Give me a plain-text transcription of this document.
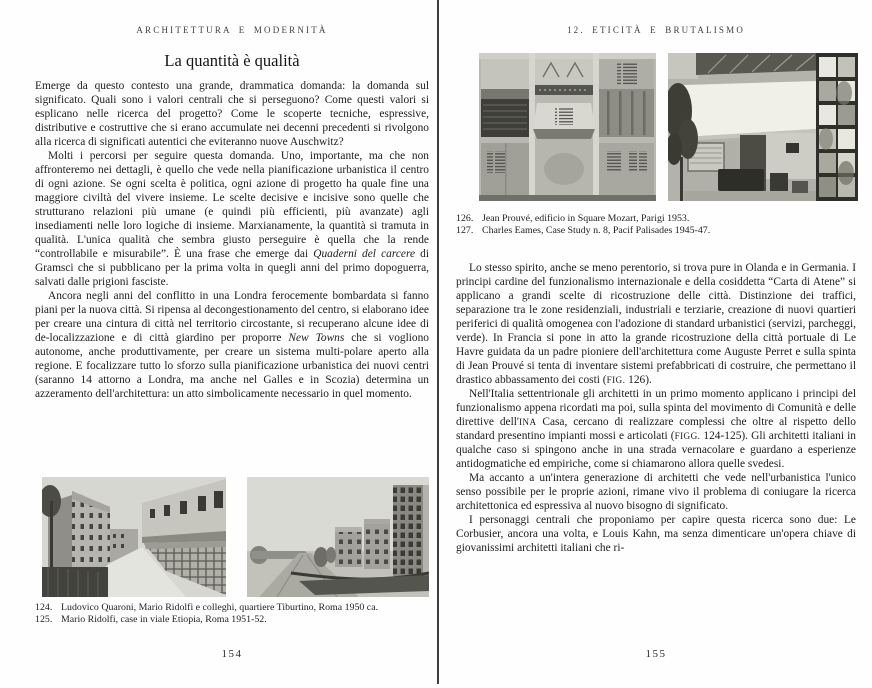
ARCHITETTURA E MODERNITÀ
La quantità è qualità

Emerge da questo contesto una grande, drammatica domanda: la domanda sul significato. Quali sono i valori centrali che si perseguono? Come questi valori si esplicano nelle ricerca del progetto? Come le scoperte tecniche, espressive, distributive e costruttive che si erano accumulate nei decenni precedenti si rivolgono alla ricerca di significati autentici che eviteranno nuove Auschwitz?

Molti i percorsi per seguire questa domanda. Uno, importante, ma che non affronteremo nei dettagli, è quello che vede nella pianificazione urbanistica il centro di ogni azione. Se ogni scelta è politica, ogni azione di progetto ha quale fine una maggiore civiltà del vivere insieme. Le scelte decisive e incisive sono quelle che strutturano relazioni più umane (e quindi più efficienti, più avanzate) agli insediamenti nelle loro logiche di insieme. Marxianamente, la quantità si tramuta in qualità. L'unica qualità che sembra giusto perseguire è quella che la rende “controllabile e misurabile”. È una frase che emerge dai Quaderni del carcere di Gramsci che si pubblicano per la prima volta in quegli anni del primo dopoguerra, salvati dalle prigioni fasciste.

Ancora negli anni del conflitto in una Londra ferocemente bombardata si fanno piani per la nuova città. Si ripensa al decongestionamento del centro, si elaborano idee per creare una cintura di città nel territorio circostante, si recuperano alcune idee di de-localizzazione e di città giardino per proporre New Towns che si vogliono autonome, anche produttivamente, per creare un sistema multi-polare aperto alla regione. E focalizzare tutto lo sforzo sulla pianificazione urbanistica dei nuovi centri (saranno 14 attorno a Londra, ma anche nel Galles e in Scozia) determina un azzeramento dell'architettura: un atto simbolicamente necessario in quel momento.

124. Ludovico Quaroni, Mario Ridolfi e colleghi, quartiere Tiburtino, Roma 1950 ca.
125. Mario Ridolfi, case in viale Etiopia, Roma 1951-52.
154
12. ETICITÀ E BRUTALISMO
126. Jean Prouvé, edificio in Square Mozart, Parigi 1953.
127. Charles Eames, Case Study n. 8, Pacif Palisades 1945-47.

Lo stesso spirito, anche se meno perentorio, si trova pure in Olanda e in Germania. I principi cardine del funzionalismo internazionale e della cosiddetta “Carta di Atene” si applicano a grandi scelte di ricostruzione delle città. Distinzione dei traffici, separazione tra le zone residenziali, industriali e terziarie, creazione di nuovi quartieri periferici di qualità omogenea con l'adozione di standard urbanistici (servizi, parcheggi, verde). In Francia si pone in atto la grande ricostruzione della città portuale di Le Havre guidata da un padre pioniere dell'architettura come Auguste Perret e sulla spinta di Jean Prouvé si tenta di inventare sistemi prefabbricati di costruire, che permettano il drastico abbassamento dei costi (FIG. 126).

Nell'Italia settentrionale gli architetti in un primo momento applicano i principi del funzionalismo appena ricordati ma poi, sulla spinta del movimento di Comunità e delle direttive dell'INA Casa, cercano di realizzare complessi che oltre al rispetto dello standard presentino impianti mossi e articolati (FIGG. 124-125). Gli architetti italiani in qualche caso si spingono anche in una strada vernacolare e guardano a esperienze antidogmatiche ed empiriche, come si chiamarono allora quelle svedesi.

Ma accanto a un'intera generazione di architetti che vede nell'urbanistica l'unico senso possibile per le proprie azioni, rimane vivo il problema di coniugare la ricerca architettonica ed espressiva al nuovo bisogno di significato.

I personaggi centrali che proponiamo per capire questa ricerca sono due: Le Corbusier, ancora una volta, e Louis Kahn, ma senza dimenticare un'opera chiave di giovanissimi architetti italiani che ri-

155
